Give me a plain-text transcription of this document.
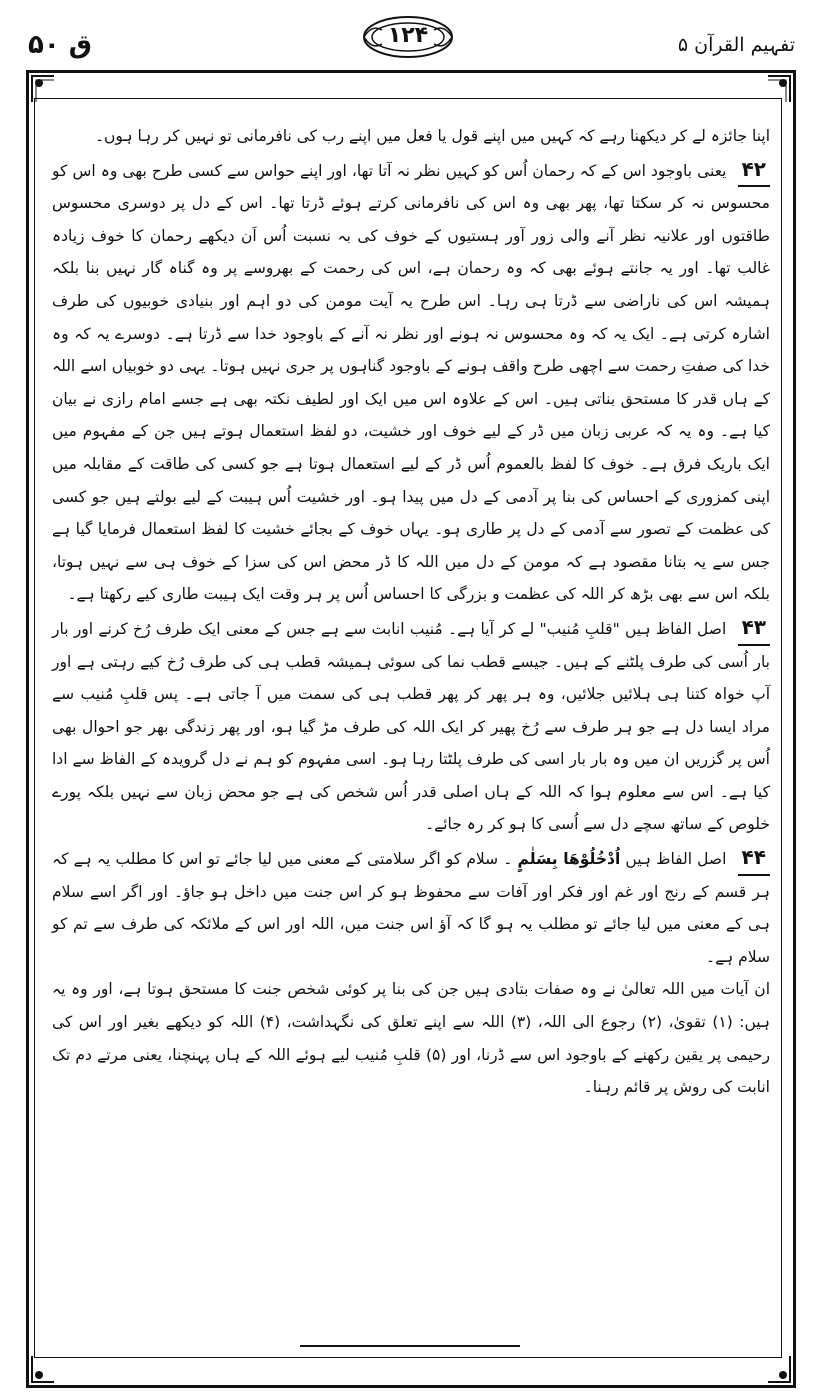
تفہیم القرآن ۵
۱۲۴
ق ۵۰

اپنا جائزہ لے کر دیکھنا رہے کہ کہیں میں اپنے قول یا فعل میں اپنے رب کی نافرمانی تو نہیں کر رہا ہوں۔

۴۲ یعنی باوجود اس کے کہ رحمان اُس کو کہیں نظر نہ آتا تھا، اور اپنے حواس سے کسی طرح بھی وہ اس کو محسوس نہ کر سکتا تھا، پھر بھی وہ اس کی نافرمانی کرتے ہوئے ڈرتا تھا۔ اس کے دل پر دوسری محسوس طاقتوں اور علانیہ نظر آنے والی زور آور ہستیوں کے خوف کی بہ نسبت اُس اَن دیکھے رحمان کا خوف زیادہ غالب تھا۔ اور یہ جانتے ہوئے بھی کہ وہ رحمان ہے، اس کی رحمت کے بھروسے پر وہ گناہ گار نہیں بنا بلکہ ہمیشہ اس کی ناراضی سے ڈرتا ہی رہا۔ اس طرح یہ آیت مومن کی دو اہم اور بنیادی خوبیوں کی طرف اشارہ کرتی ہے۔ ایک یہ کہ وہ محسوس نہ ہونے اور نظر نہ آنے کے باوجود خدا سے ڈرتا ہے۔ دوسرے یہ کہ وہ خدا کی صفتِ رحمت سے اچھی طرح واقف ہونے کے باوجود گناہوں پر جری نہیں ہوتا۔ یہی دو خوبیاں اسے اللہ کے ہاں قدر کا مستحق بناتی ہیں۔ اس کے علاوہ اس میں ایک اور لطیف نکتہ بھی ہے جسے امام رازی نے بیان کیا ہے۔ وہ یہ کہ عربی زبان میں ڈر کے لیے خوف اور خشیت، دو لفظ استعمال ہوتے ہیں جن کے مفہوم میں ایک باریک فرق ہے۔ خوف کا لفظ بالعموم اُس ڈر کے لیے استعمال ہوتا ہے جو کسی کی طاقت کے مقابلہ میں اپنی کمزوری کے احساس کی بنا پر آدمی کے دل میں پیدا ہو۔ اور خشیت اُس ہیبت کے لیے بولتے ہیں جو کسی کی عظمت کے تصور سے آدمی کے دل پر طاری ہو۔ یہاں خوف کے بجائے خشیت کا لفظ استعمال فرمایا گیا ہے جس سے یہ بتانا مقصود ہے کہ مومن کے دل میں اللہ کا ڈر محض اس کی سزا کے خوف ہی سے نہیں ہوتا، بلکہ اس سے بھی بڑھ کر اللہ کی عظمت و بزرگی کا احساس اُس پر ہر وقت ایک ہیبت طاری کیے رکھتا ہے۔

۴۳ اصل الفاظ ہیں "قلبِ مُنیب" لے کر آیا ہے۔ مُنیب انابت سے ہے جس کے معنی ایک طرف رُخ کرنے اور بار بار اُسی کی طرف پلٹنے کے ہیں۔ جیسے قطب نما کی سوئی ہمیشہ قطب ہی کی طرف رُخ کیے رہتی ہے اور آپ خواہ کتنا ہی ہلائیں جلائیں، وہ ہر پھر کر پھر قطب ہی کی سمت میں آ جاتی ہے۔ پس قلبِ مُنیب سے مراد ایسا دل ہے جو ہر طرف سے رُخ پھیر کر ایک اللہ کی طرف مڑ گیا ہو، اور پھر زندگی بھر جو احوال بھی اُس پر گزریں ان میں وہ بار بار اسی کی طرف پلٹتا رہا ہو۔ اسی مفہوم کو ہم نے دل گرویدہ کے الفاظ سے ادا کیا ہے۔ اس سے معلوم ہوا کہ اللہ کے ہاں اصلی قدر اُس شخص کی ہے جو محض زبان سے نہیں بلکہ پورے خلوص کے ساتھ سچے دل سے اُسی کا ہو کر رہ جائے۔

۴۴ اصل الفاظ ہیں اُدْخُلُوْهَا بِسَلٰمٍ ۔ سلام کو اگر سلامتی کے معنی میں لیا جائے تو اس کا مطلب یہ ہے کہ ہر قسم کے رنج اور غم اور فکر اور آفات سے محفوظ ہو کر اس جنت میں داخل ہو جاؤ۔ اور اگر اسے سلام ہی کے معنی میں لیا جائے تو مطلب یہ ہو گا کہ آؤ اس جنت میں، اللہ اور اس کے ملائکہ کی طرف سے تم کو سلام ہے۔

ان آیات میں اللہ تعالیٰ نے وہ صفات بتادی ہیں جن کی بنا پر کوئی شخص جنت کا مستحق ہوتا ہے، اور وہ یہ ہیں: (۱) تقویٰ، (۲) رجوع الی اللہ، (۳) اللہ سے اپنے تعلق کی نگہداشت، (۴) اللہ کو دیکھے بغیر اور اس کی رحیمی پر یقین رکھنے کے باوجود اس سے ڈرنا، اور (۵) قلبِ مُنیب لیے ہوئے اللہ کے ہاں پہنچنا، یعنی مرتے دم تک انابت کی روش پر قائم رہنا۔
